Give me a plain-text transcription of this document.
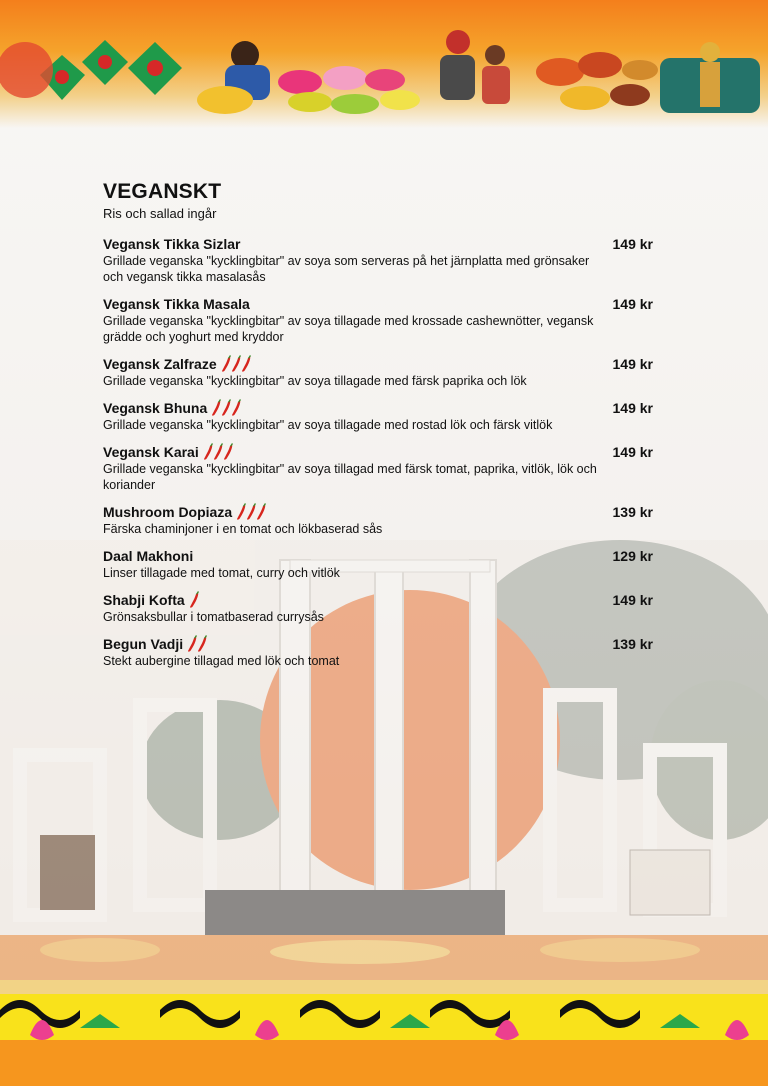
VEGANSKT
Ris och sallad ingår
Vegansk Tikka Sizlar	149 kr
Grillade veganska "kycklingbitar" av soya som serveras på het järnplatta med grönsaker och vegansk tikka masalasås
Vegansk Tikka Masala	149 kr
Grillade veganska "kycklingbitar" av soya tillagade med krossade cashewnötter, vegansk grädde och yoghurt med kryddor
Vegansk Zalfraze	149 kr
Grillade veganska "kycklingbitar" av soya tillagade med färsk paprika och lök
Vegansk Bhuna	149 kr
Grillade veganska "kycklingbitar" av soya tillagade med rostad lök och färsk vitlök
Vegansk Karai	149 kr
Grillade veganska "kycklingbitar" av soya tillagad med färsk tomat, paprika, vitlök, lök och koriander
Mushroom Dopiaza	139 kr
Färska chaminjoner i en tomat och lökbaserad sås
Daal Makhoni	129 kr
Linser tillagade med tomat, curry och vitlök
Shabji Kofta	149 kr
Grönsaksbullar i tomatbaserad currysås
Begun Vadji	139 kr
Stekt aubergine tillagad med lök och tomat
